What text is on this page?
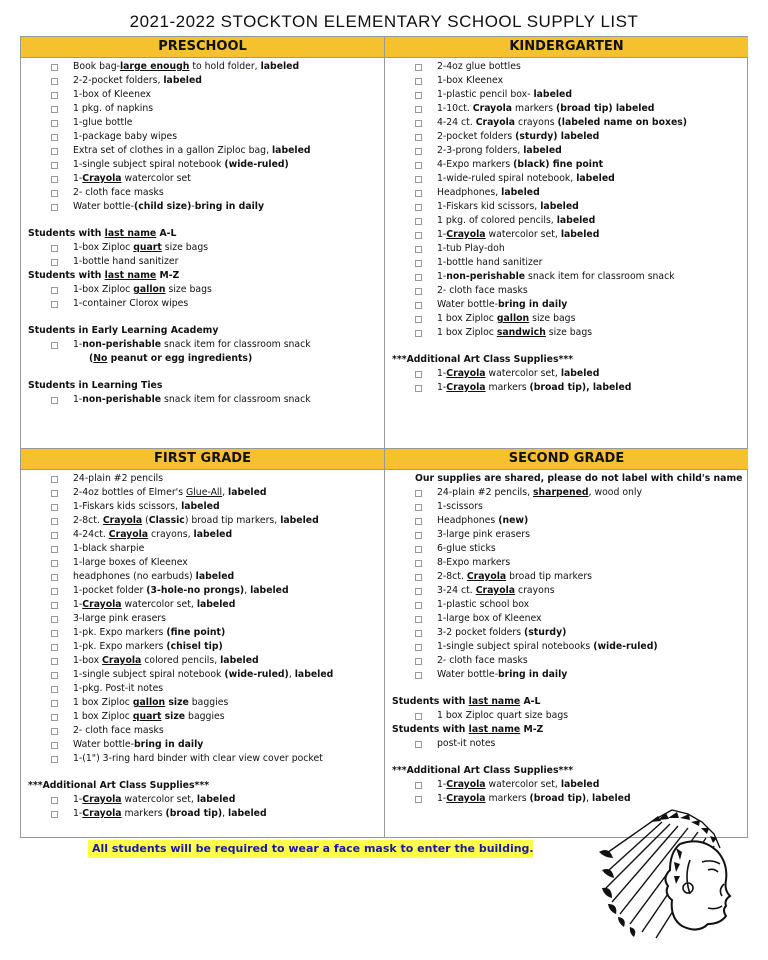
2021-2022 STOCKTON ELEMENTARY SCHOOL SUPPLY LIST
PRESCHOOL
Book bag-large enough to hold folder, labeled
2-2-pocket folders, labeled
1-box of Kleenex
1 pkg. of napkins
1-glue bottle
1-package baby wipes
Extra set of clothes in a gallon Ziploc bag, labeled
1-single subject spiral notebook (wide-ruled)
1-Crayola watercolor set
2- cloth face masks
Water bottle-(child size)-bring in daily
Students with last name A-L
1-box Ziploc quart size bags
1-bottle hand sanitizer
Students with last name M-Z
1-box Ziploc gallon size bags
1-container Clorox wipes
Students in Early Learning Academy
1-non-perishable snack item for classroom snack
(No peanut or egg ingredients)
Students in Learning Ties
1-non-perishable snack item for classroom snack
KINDERGARTEN
2-4oz glue bottles
1-box Kleenex
1-plastic pencil box- labeled
1-10ct. Crayola markers (broad tip) labeled
4-24 ct. Crayola crayons (labeled name on boxes)
2-pocket folders (sturdy) labeled
2-3-prong folders, labeled
4-Expo markers (black) fine point
1-wide-ruled spiral notebook, labeled
Headphones, labeled
1-Fiskars kid scissors, labeled
1 pkg. of colored pencils, labeled
1-Crayola watercolor set, labeled
1-tub Play-doh
1-bottle hand sanitizer
1-non-perishable snack item for classroom snack
2- cloth face masks
Water bottle-bring in daily
1 box Ziploc gallon size bags
1 box Ziploc sandwich size bags
***Additional Art Class Supplies***
1-Crayola watercolor set, labeled
1-Crayola markers (broad tip), labeled
FIRST GRADE
24-plain #2 pencils
2-4oz bottles of Elmer's Glue-All, labeled
1-Fiskars kids scissors, labeled
2-8ct. Crayola (Classic) broad tip markers, labeled
4-24ct. Crayola crayons, labeled
1-black sharpie
1-large boxes of Kleenex
headphones (no earbuds) labeled
1-pocket folder (3-hole-no prongs), labeled
1-Crayola watercolor set, labeled
3-large pink erasers
1-pk. Expo markers (fine point)
1-pk. Expo markers (chisel tip)
1-box Crayola colored pencils, labeled
1-single subject spiral notebook (wide-ruled), labeled
1-pkg. Post-it notes
1 box Ziploc gallon size baggies
1 box Ziploc quart size baggies
2- cloth face masks
Water bottle-bring in daily
1-(1") 3-ring hard binder with clear view cover pocket
***Additional Art Class Supplies***
1-Crayola watercolor set, labeled
1-Crayola markers (broad tip), labeled
SECOND GRADE
Our supplies are shared, please do not label with child's name
24-plain #2 pencils, sharpened, wood only
1-scissors
Headphones (new)
3-large pink erasers
6-glue sticks
8-Expo markers
2-8ct. Crayola broad tip markers
3-24 ct. Crayola crayons
1-plastic school box
1-large box of Kleenex
3-2 pocket folders (sturdy)
1-single subject spiral notebooks (wide-ruled)
2- cloth face masks
Water bottle-bring in daily
Students with last name A-L
1 box Ziploc quart size bags
Students with last name M-Z
post-it notes
***Additional Art Class Supplies***
1-Crayola watercolor set, labeled
1-Crayola markers (broad tip), labeled
All students will be required to wear a face mask to enter the building.
